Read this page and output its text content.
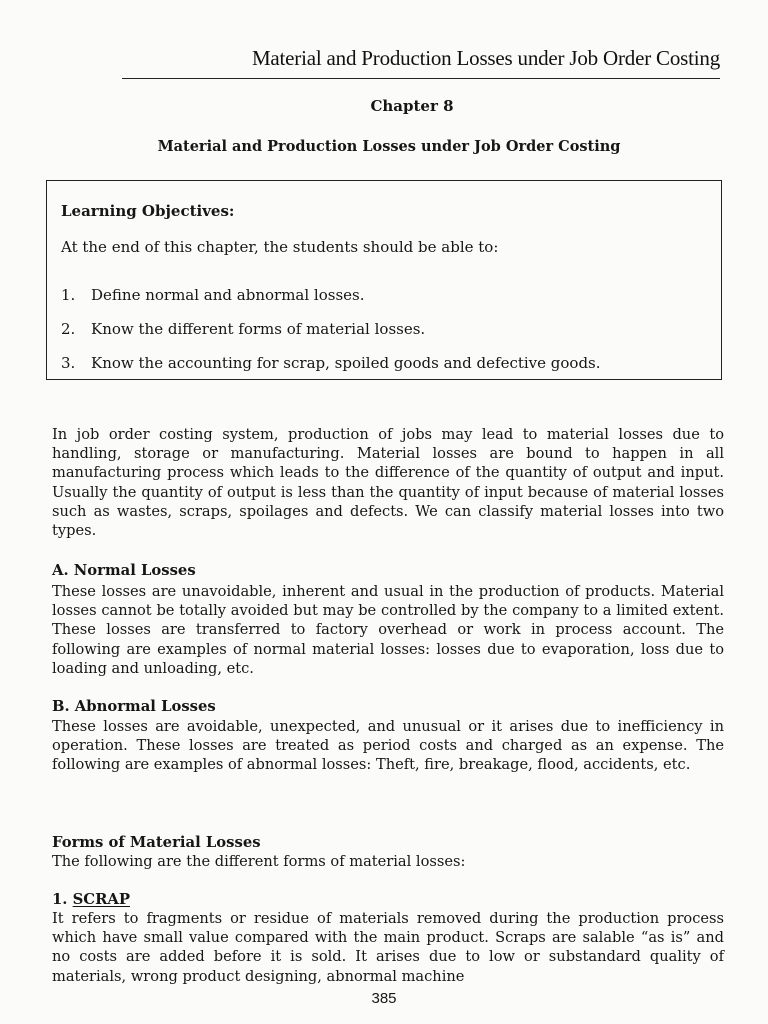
Material and Production Losses under Job Order Costing
Chapter 8
Material and Production Losses under Job Order Costing
Learning Objectives:
At the end of this chapter, the students should be able to:
1. Define normal and abnormal losses.
2. Know the different forms of material losses.
3. Know the accounting for scrap, spoiled goods and defective goods.

In job order costing system, production of jobs may lead to material losses due to handling, storage or manufacturing. Material losses are bound to happen in all manufacturing process which leads to the difference of the quantity of output and input. Usually the quantity of output is less than the quantity of input because of material losses such as wastes, scraps, spoilages and defects. We can classify material losses into two types.

A. Normal Losses

These losses are unavoidable, inherent and usual in the production of products. Material losses cannot be totally avoided but may be controlled by the company to a limited extent. These losses are transferred to factory overhead or work in process account. The following are examples of normal material losses: losses due to evaporation, loss due to loading and unloading, etc.

B. Abnormal Losses

These losses are avoidable, unexpected, and unusual or it arises due to inefficiency in operation. These losses are treated as period costs and charged as an expense. The following are examples of abnormal losses: Theft, fire, breakage, flood, accidents, etc.

Forms of Material Losses

The following are the different forms of material losses:

1. SCRAP

It refers to fragments or residue of materials removed during the production process which have small value compared with the main product. Scraps are salable “as is” and no costs are added before it is sold. It arises due to low or substandard quality of materials, wrong product designing, abnormal machine

385
